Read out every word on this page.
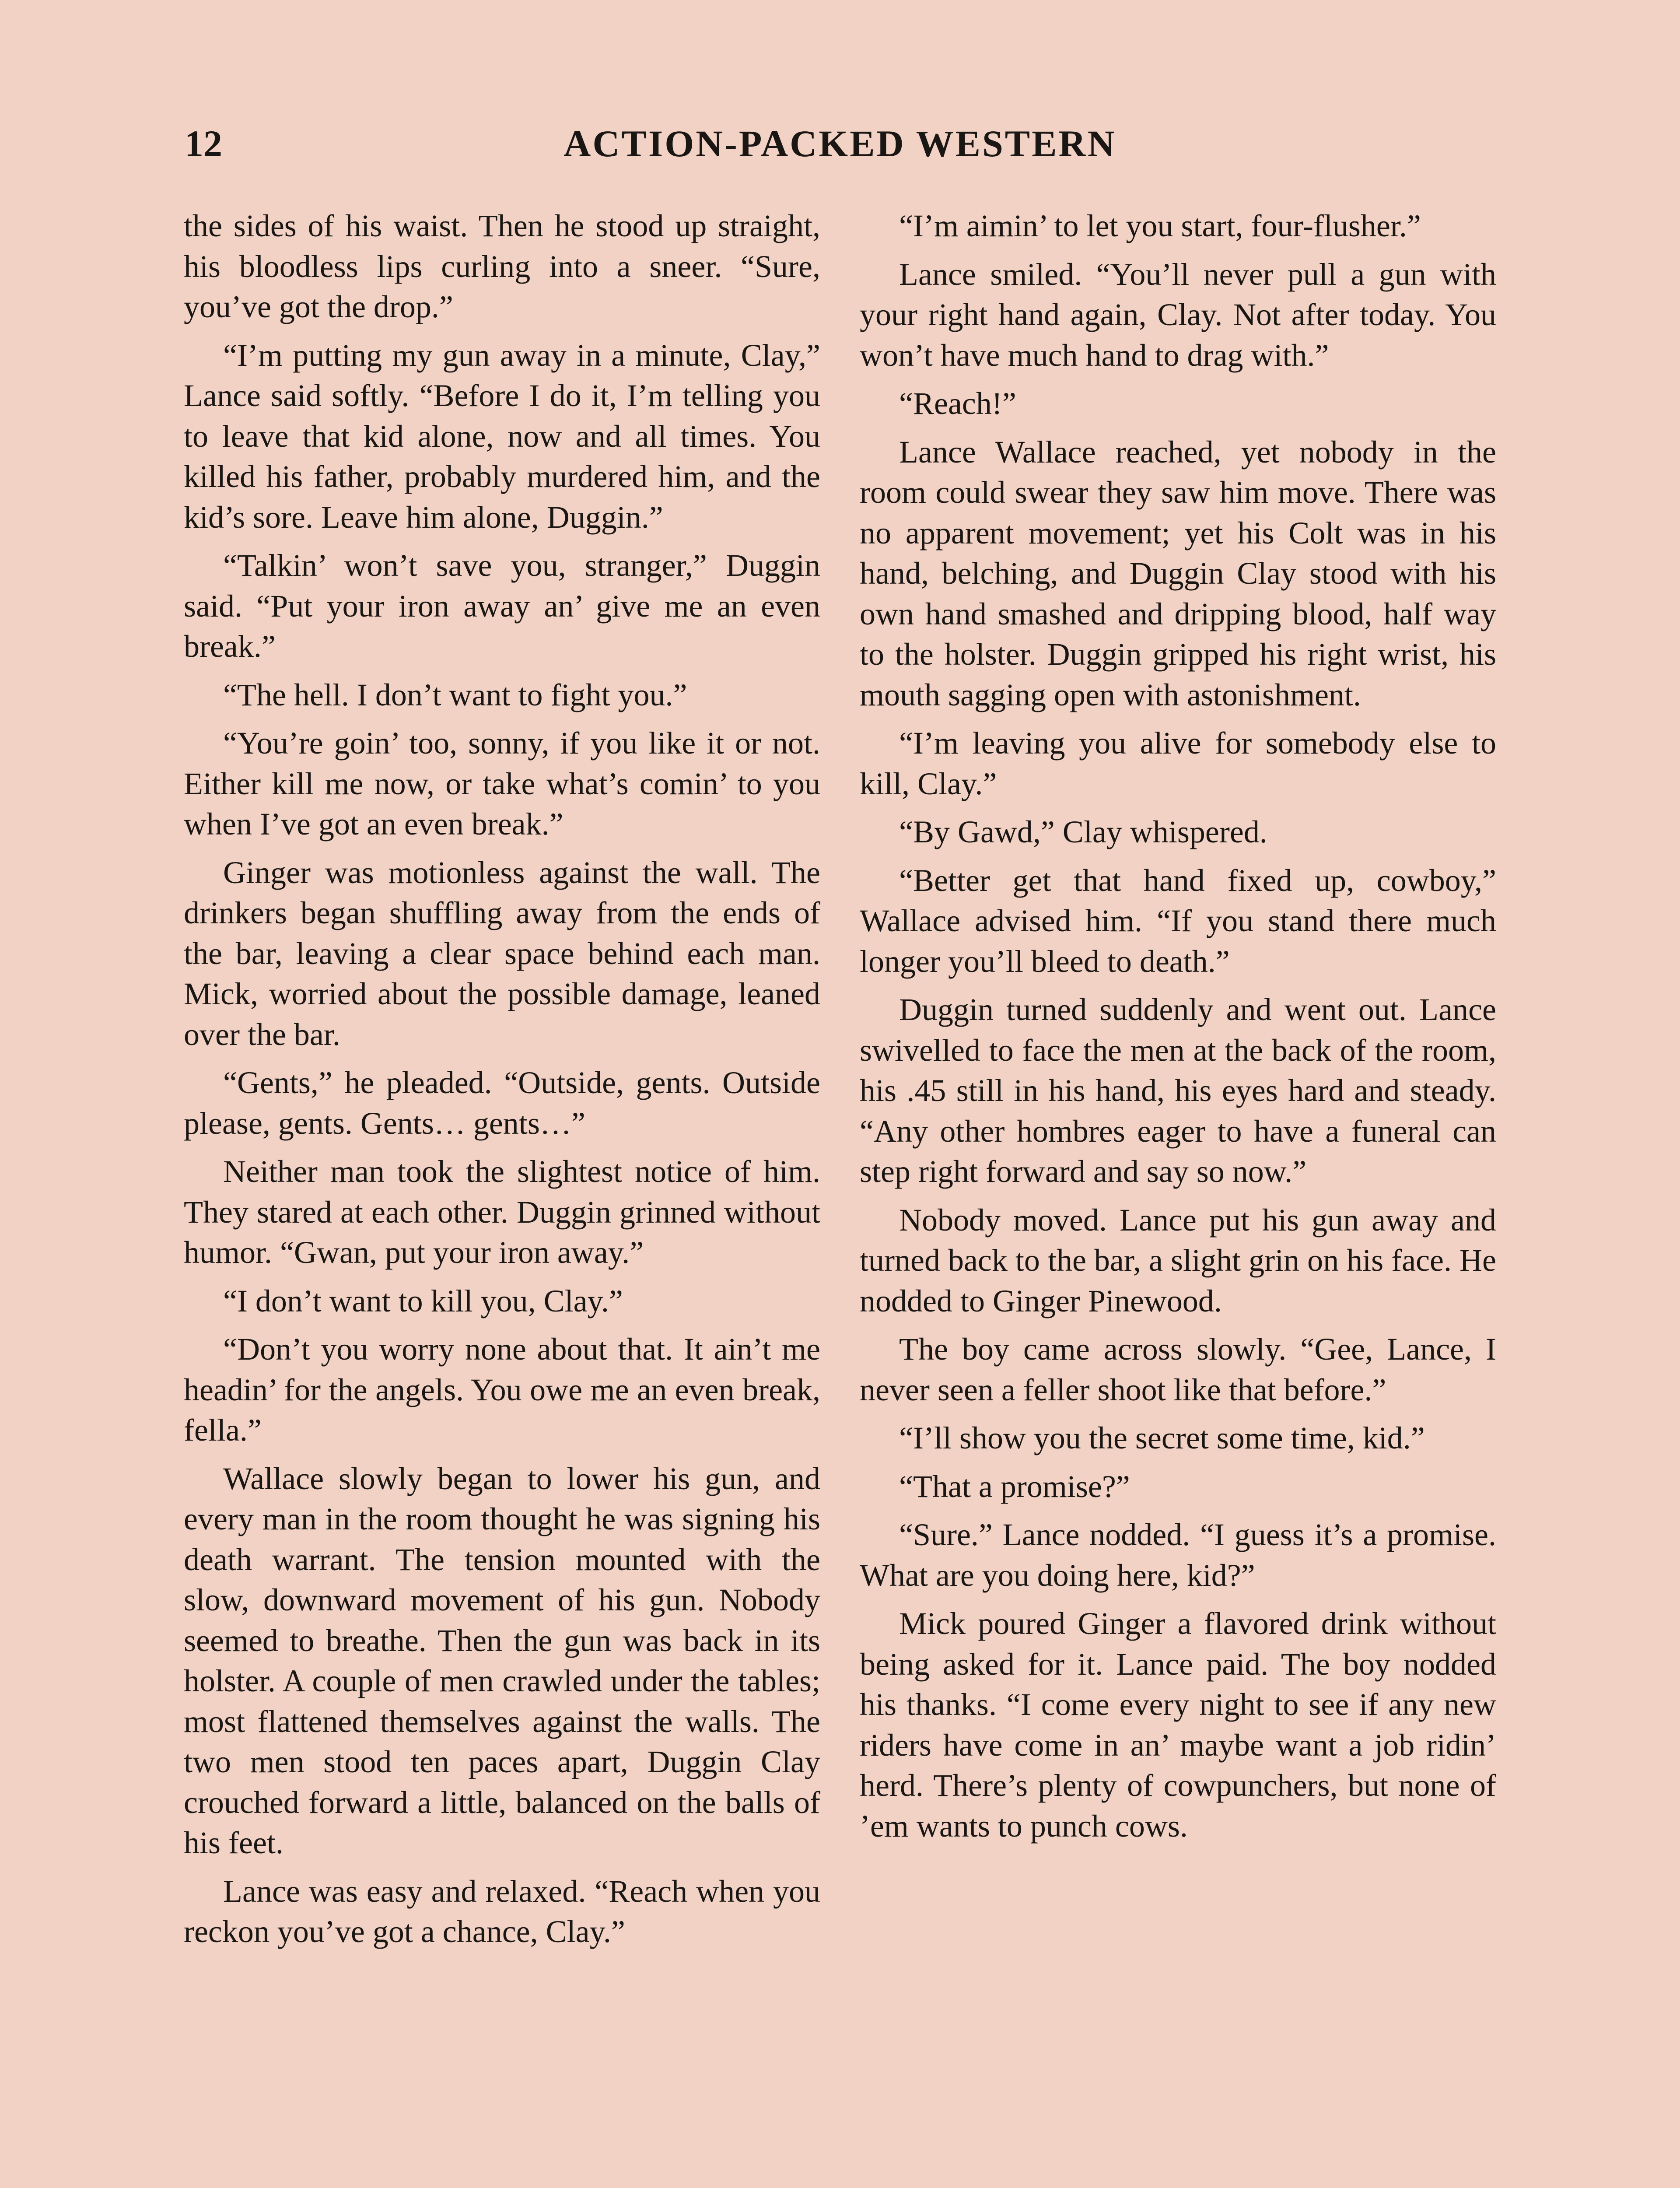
12	ACTION-PACKED WESTERN

the sides of his waist. Then he stood up straight, his bloodless lips curling into a sneer. “Sure, you’ve got the drop.”

“I’m putting my gun away in a minute, Clay,” Lance said softly. “Before I do it, I’m telling you to leave that kid alone, now and all times. You killed his father, probably murdered him, and the kid’s sore. Leave him alone, Duggin.”

“Talkin’ won’t save you, stranger,” Duggin said. “Put your iron away an’ give me an even break.”

“The hell. I don’t want to fight you.”

“You’re goin’ too, sonny, if you like it or not. Either kill me now, or take what’s comin’ to you when I’ve got an even break.”

Ginger was motionless against the wall. The drinkers began shuffling away from the ends of the bar, leaving a clear space behind each man. Mick, worried about the possible damage, leaned over the bar.

“Gents,” he pleaded. “Outside, gents. Outside please, gents. Gents… gents…”

Neither man took the slightest notice of him. They stared at each other. Duggin grinned without humor. “Gwan, put your iron away.”

“I don’t want to kill you, Clay.”

“Don’t you worry none about that. It ain’t me headin’ for the angels. You owe me an even break, fella.”

Wallace slowly began to lower his gun, and every man in the room thought he was signing his death warrant. The tension mounted with the slow, downward movement of his gun. Nobody seemed to breathe. Then the gun was back in its holster. A couple of men crawled under the tables; most flattened themselves against the walls. The two men stood ten paces apart, Duggin Clay crouched forward a little, balanced on the balls of his feet.

Lance was easy and relaxed. “Reach when you reckon you’ve got a chance, Clay.”

“I’m aimin’ to let you start, four-flusher.”

Lance smiled. “You’ll never pull a gun with your right hand again, Clay. Not after today. You won’t have much hand to drag with.”

“Reach!”

Lance Wallace reached, yet nobody in the room could swear they saw him move. There was no apparent movement; yet his Colt was in his hand, belching, and Duggin Clay stood with his own hand smashed and dripping blood, half way to the holster. Duggin gripped his right wrist, his mouth sagging open with astonishment.

“I’m leaving you alive for somebody else to kill, Clay.”

“By Gawd,” Clay whispered.

“Better get that hand fixed up, cowboy,” Wallace advised him. “If you stand there much longer you’ll bleed to death.”

Duggin turned suddenly and went out. Lance swivelled to face the men at the back of the room, his .45 still in his hand, his eyes hard and steady. “Any other hombres eager to have a funeral can step right forward and say so now.”

Nobody moved. Lance put his gun away and turned back to the bar, a slight grin on his face. He nodded to Ginger Pinewood.

The boy came across slowly. “Gee, Lance, I never seen a feller shoot like that before.”

“I’ll show you the secret some time, kid.”

“That a promise?”

“Sure.” Lance nodded. “I guess it’s a promise. What are you doing here, kid?”

Mick poured Ginger a flavored drink without being asked for it. Lance paid. The boy nodded his thanks. “I come every night to see if any new riders have come in an’ maybe want a job ridin’ herd. There’s plenty of cowpunchers, but none of ’em wants to punch cows.
